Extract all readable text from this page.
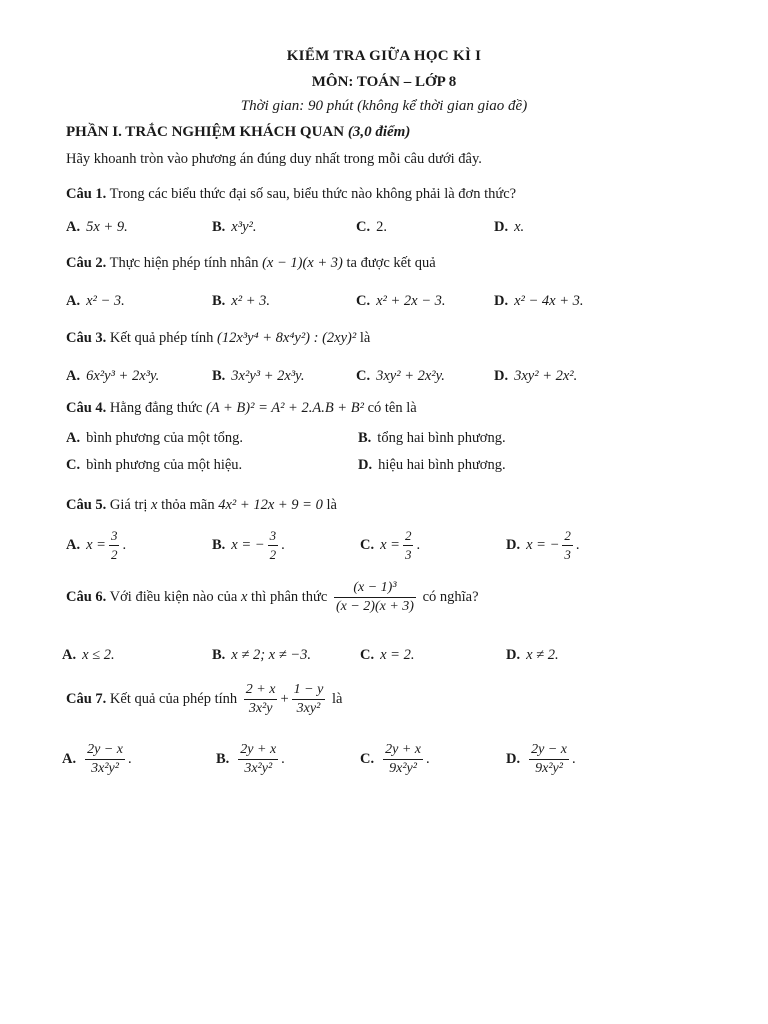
KIỂM TRA GIỮA HỌC KÌ I
MÔN: TOÁN – LỚP 8
Thời gian: 90 phút (không kể thời gian giao đề)
PHẦN I. TRẮC NGHIỆM KHÁCH QUAN (3,0 điểm)
Hãy khoanh tròn vào phương án đúng duy nhất trong mỗi câu dưới đây.
Câu 1. Trong các biểu thức đại số sau, biểu thức nào không phải là đơn thức?
A. 5x + 9.	B. x³y².	C. 2.	D. x.
Câu 2. Thực hiện phép tính nhân (x − 1)(x + 3) ta được kết quả
A. x² − 3.	B. x² + 3.	C. x² + 2x − 3.	D. x² − 4x + 3.
Câu 3. Kết quả phép tính (12x³y⁴ + 8x⁴y²) : (2xy)² là
A. 6x²y³ + 2x³y.	B. 3x²y³ + 2x³y.	C. 3xy² + 2x²y.	D. 3xy² + 2x².
Câu 4. Hằng đẳng thức (A + B)² = A² + 2.A.B + B² có tên là
A. bình phương của một tổng.	B. tổng hai bình phương.
C. bình phương của một hiệu.	D. hiệu hai bình phương.
Câu 5. Giá trị x thỏa mãn 4x² + 12x + 9 = 0 là
A. $x = \frac{3}{2}$ .	B. x = − $\frac{3}{2}$ .	C. $x = \frac{2}{3}$ .	D. x = − $\frac{2}{3}$ .
Câu 6. Với điều kiện nào của x thì phân thức $\frac{\text{(x − 1)³}}{(x - 2)(x + 3)}$ có nghĩa?
A. x ≤ 2.	B. x ≠ 2; x ≠ −3.	C. x = 2.	D. x ≠ 2.
Câu 7. Kết quả của phép tính $\frac{2 + x}{\text{3x²y}} + \frac{1 - y}{\text{3xy²}}$ là
A. $\frac{2y - x}{\text{3x²y²}}$ .	B. $\frac{2y + x}{\text{3x²y²}}$ .	C. $\frac{2y + x}{\text{9x²y²}}$ .	D. $\frac{2y - x}{\text{9x²y²}}$ .
